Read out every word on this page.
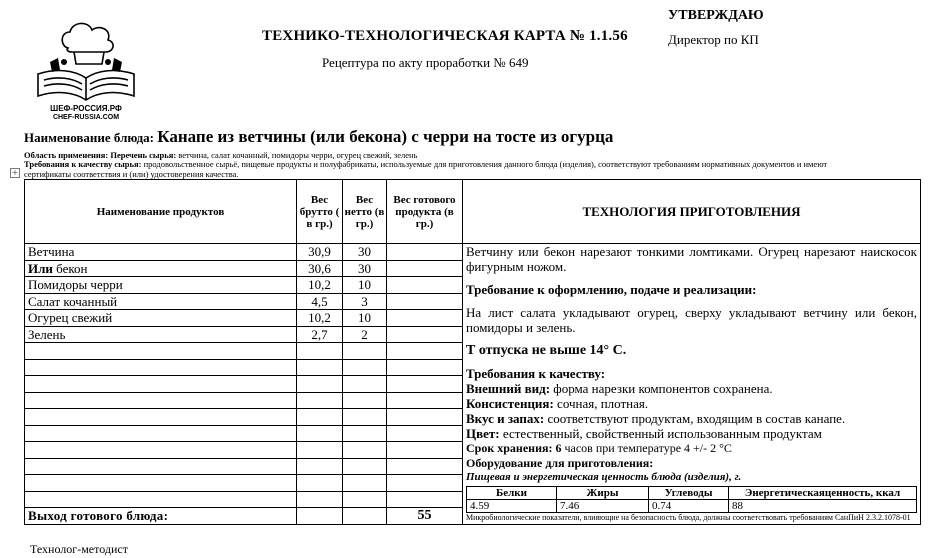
ШЕФ-РОССИЯ.РФ
CHEF-RUSSIA.COM
ТЕХНИКО-ТЕХНОЛОГИЧЕСКАЯ КАРТА № 1.1.56
Рецептура по акту проработки № 649
УТВЕРЖДАЮ
Директор по КП
Наименование блюда: Канапе из ветчины (или бекона) с черри на тосте из огурца
Область применения: Перечень сырья: ветчина, салат кочанный, помидоры черри, огурец свежий, зелень
Требования к качеству сырья: продовольственное сырьё, пищевые продукты и полуфабрикаты, используемые для приготовления данного блюда (изделия), соответствуют требованиям нормативных документов и имеют
сертификаты соответствия и (или) удостоверения качества.
+
Наименование продуктов	Вес брутто ( в гр.)	Вес нетто (в гр.)	Вес готового продукта (в гр.)	ТЕХНОЛОГИЯ ПРИГОТОВЛЕНИЯ
Ветчина	30,9	30		Ветчину или бекон нарезают тонкими ломтиками. Огурец нарезают наискосок фигурным ножом.

Требование к оформлению, подаче и реализации:

На лист салата укладывают огурец, сверху укладывают ветчину или бекон, помидоры и зелень.

Т отпуска не выше 14° С.

Требования к качеству:

Внешний вид: форма нарезки компонентов сохранена.

Консистенция: сочная, плотная.

Вкус и запах: соответствуют продуктам, входящим в состав канапе.

Цвет: естественный, свойственный использованным продуктам

Срок хранения: 6 часов при температуре 4 +/- 2 °С

Оборудование для приготовления:

Пищевая и энергетическая ценность блюда (изделия), г.

Белки	Жиры	Углеводы	Энергетическаяценность, ккал
4.59	7.46	0.74	88

Микробиологические показатели, влияющие на безопасность блюда, должны соответствовать требованиям СанПиН 2.3.2.1078-01

Или бекон	30,6	30	
Помидоры черри	10,2	10	
Салат кочанный	4,5	3	
Огурец свежий	10,2	10	
Зелень	2,7	2	

Выход готового блюда:			55
Технолог-методист
